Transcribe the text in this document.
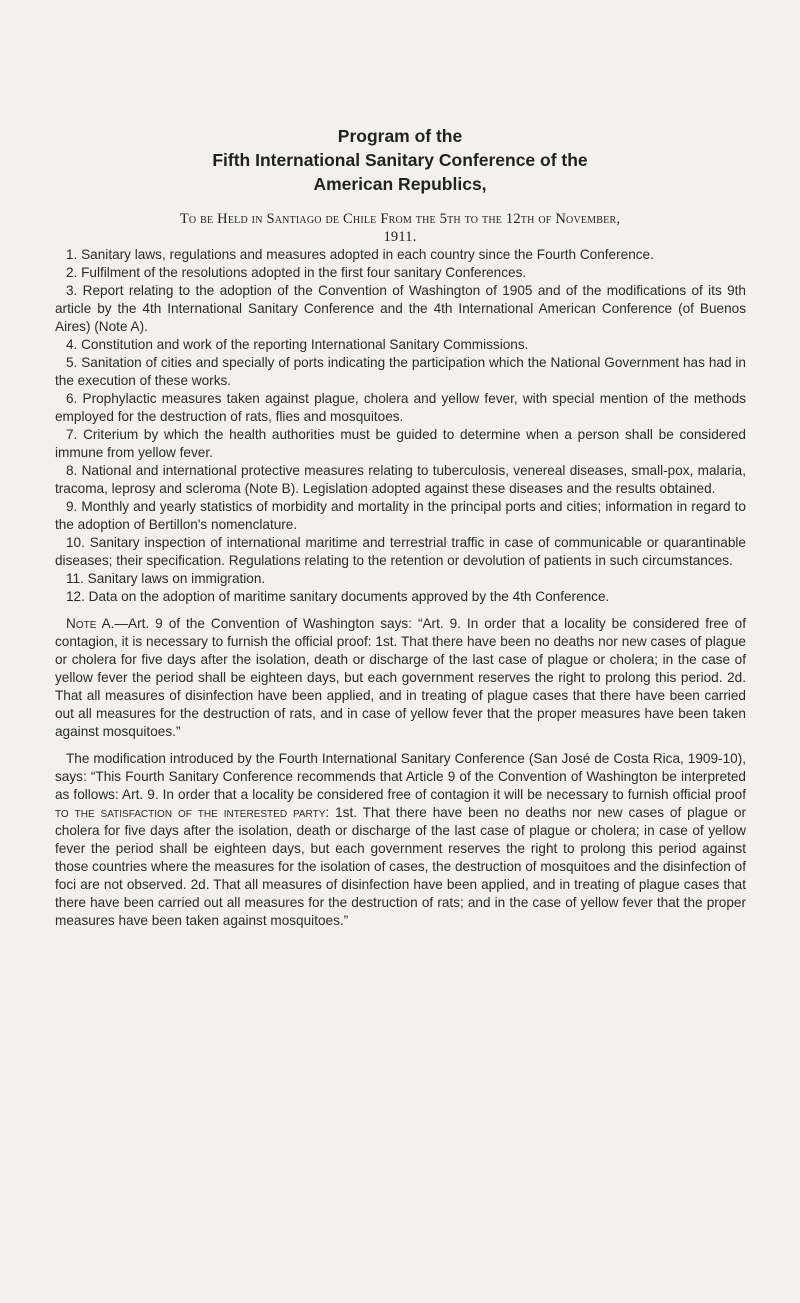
Program of the
Fifth International Sanitary Conference of the
American Republics,
To be Held in Santiago de Chile From the 5th to the 12th of November,
1911.

1. Sanitary laws, regulations and measures adopted in each country since the Fourth Conference.

2. Fulfilment of the resolutions adopted in the first four sanitary Conferences.

3. Report relating to the adoption of the Convention of Washington of 1905 and of the modifications of its 9th article by the 4th International Sanitary Conference and the 4th International American Conference (of Buenos Aires) (Note A).

4. Constitution and work of the reporting International Sanitary Commissions.

5. Sanitation of cities and specially of ports indicating the participation which the National Government has had in the execution of these works.

6. Prophylactic measures taken against plague, cholera and yellow fever, with special mention of the methods employed for the destruction of rats, flies and mosquitoes.

7. Criterium by which the health authorities must be guided to determine when a person shall be considered immune from yellow fever.

8. National and international protective measures relating to tuberculosis, venereal diseases, small-pox, malaria, tracoma, leprosy and scleroma (Note B). Legislation adopted against these diseases and the results obtained.

9. Monthly and yearly statistics of morbidity and mortality in the principal ports and cities; information in regard to the adoption of Bertillon's nomenclature.

10. Sanitary inspection of international maritime and terrestrial traffic in case of communicable or quarantinable diseases; their specification. Regulations relating to the retention or devolution of patients in such circumstances.

11. Sanitary laws on immigration.

12. Data on the adoption of maritime sanitary documents approved by the 4th Conference.

Note A.—Art. 9 of the Convention of Washington says: “Art. 9. In order that a locality be considered free of contagion, it is necessary to furnish the official proof: 1st. That there have been no deaths nor new cases of plague or cholera for five days after the isolation, death or discharge of the last case of plague or cholera; in the case of yellow fever the period shall be eighteen days, but each government reserves the right to prolong this period. 2d. That all measures of disinfection have been applied, and in treating of plague cases that there have been carried out all measures for the destruction of rats, and in case of yellow fever that the proper measures have been taken against mosquitoes.”

The modification introduced by the Fourth International Sanitary Conference (San José de Costa Rica, 1909-10), says: “This Fourth Sanitary Conference recommends that Article 9 of the Convention of Washington be interpreted as follows: Art. 9. In order that a locality be considered free of contagion it will be necessary to furnish official proof to the satisfaction of the interested party: 1st. That there have been no deaths nor new cases of plague or cholera for five days after the isolation, death or discharge of the last case of plague or cholera; in case of yellow fever the period shall be eighteen days, but each government reserves the right to prolong this period against those countries where the measures for the isolation of cases, the destruction of mosquitoes and the disinfection of foci are not observed. 2d. That all measures of disinfection have been applied, and in treating of plague cases that there have been carried out all measures for the destruction of rats; and in the case of yellow fever that the proper measures have been taken against mosquitoes.”
